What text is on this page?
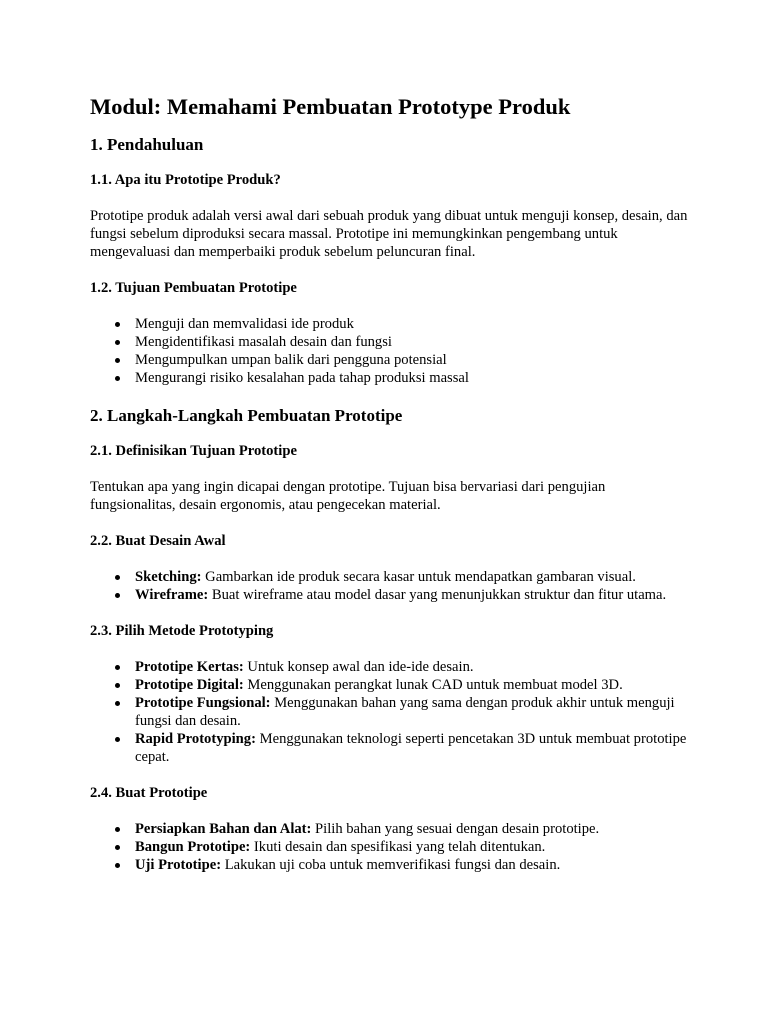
Modul: Memahami Pembuatan Prototype Produk
1. Pendahuluan
1.1. Apa itu Prototipe Produk?

Prototipe produk adalah versi awal dari sebuah produk yang dibuat untuk menguji konsep, desain, dan fungsi sebelum diproduksi secara massal. Prototipe ini memungkinkan pengembang untuk mengevaluasi dan memperbaiki produk sebelum peluncuran final.

1.2. Tujuan Pembuatan Prototipe
Menguji dan memvalidasi ide produk
Mengidentifikasi masalah desain dan fungsi
Mengumpulkan umpan balik dari pengguna potensial
Mengurangi risiko kesalahan pada tahap produksi massal
2. Langkah-Langkah Pembuatan Prototipe
2.1. Definisikan Tujuan Prototipe

Tentukan apa yang ingin dicapai dengan prototipe. Tujuan bisa bervariasi dari pengujian fungsionalitas, desain ergonomis, atau pengecekan material.

2.2. Buat Desain Awal
Sketching: Gambarkan ide produk secara kasar untuk mendapatkan gambaran visual.
Wireframe: Buat wireframe atau model dasar yang menunjukkan struktur dan fitur utama.
2.3. Pilih Metode Prototyping
Prototipe Kertas: Untuk konsep awal dan ide-ide desain.
Prototipe Digital: Menggunakan perangkat lunak CAD untuk membuat model 3D.
Prototipe Fungsional: Menggunakan bahan yang sama dengan produk akhir untuk menguji fungsi dan desain.
Rapid Prototyping: Menggunakan teknologi seperti pencetakan 3D untuk membuat prototipe cepat.
2.4. Buat Prototipe
Persiapkan Bahan dan Alat: Pilih bahan yang sesuai dengan desain prototipe.
Bangun Prototipe: Ikuti desain dan spesifikasi yang telah ditentukan.
Uji Prototipe: Lakukan uji coba untuk memverifikasi fungsi dan desain.
